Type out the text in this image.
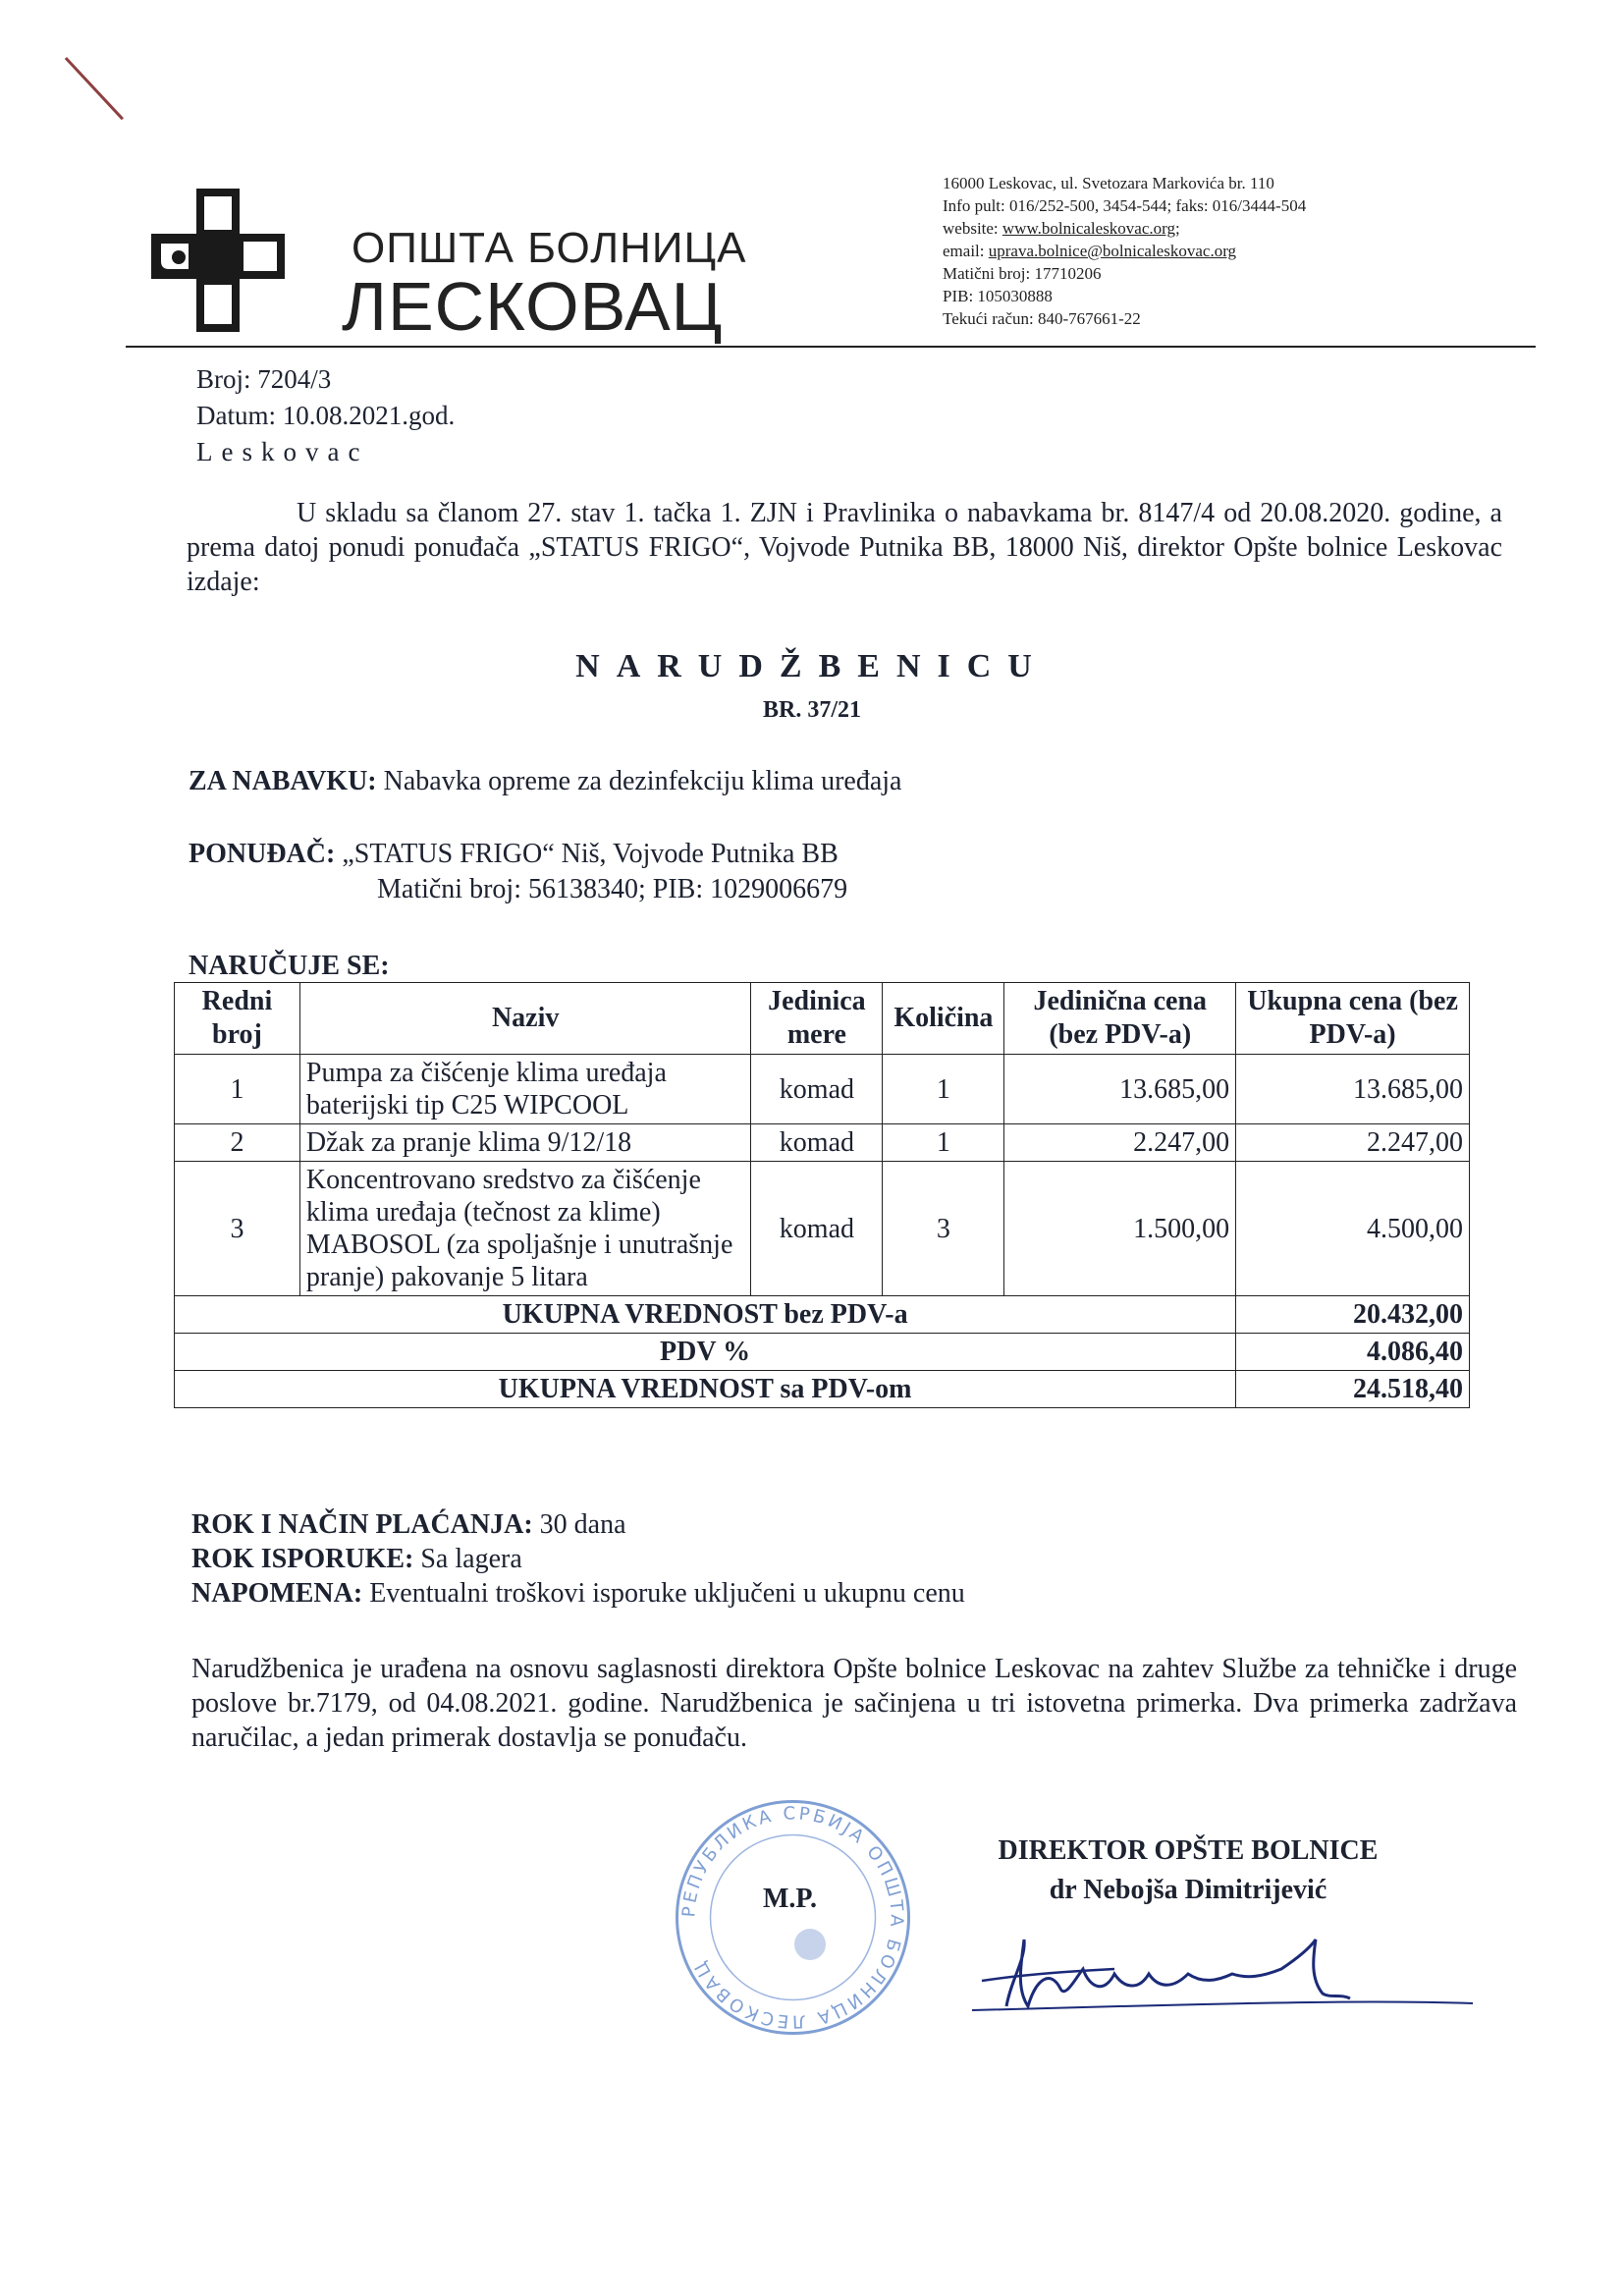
ОПШТА БОЛНИЦА
ЛЕСКОВАЦ
16000 Leskovac, ul. Svetozara Markovića br. 110
Info pult: 016/252-500, 3454-544; faks: 016/3444-504
website: www.bolnicaleskovac.org;
email: uprava.bolnice@bolnicaleskovac.org
Matični broj: 17710206
PIB: 105030888
Tekući račun: 840-767661-22
Broj: 7204/3
Datum: 10.08.2021.god.
Leskovac
U skladu sa članom 27. stav 1. tačka 1. ZJN i Pravlinika o nabavkama br. 8147/4 od 20.08.2020. godine, a prema datoj ponudi ponuđača „STATUS FRIGO“, Vojvode Putnika BB, 18000 Niš, direktor Opšte bolnice Leskovac izdaje:
NARUDŽBENICU
BR. 37/21
ZA NABAVKU: Nabavka opreme za dezinfekciju klima uređaja
PONUĐAČ: „STATUS FRIGO“ Niš, Vojvode Putnika BB
Matični broj: 56138340; PIB: 1029006679
NARUČUJE SE:
Redni broj	Naziv	Jedinica mere	Količina	Jedinična cena (bez PDV-a)	Ukupna cena (bez PDV-a)
1	Pumpa za čišćenje klima uređaja baterijski tip C25 WIPCOOL	komad	1	13.685,00	13.685,00
2	Džak za pranje klima 9/12/18	komad	1	2.247,00	2.247,00
3	Koncentrovano sredstvo za čišćenje klima uređaja (tečnost za klime) MABOSOL (za spoljašnje i unutrašnje pranje) pakovanje 5 litara	komad	3	1.500,00	4.500,00
UKUPNA VREDNOST bez PDV-a					20.432,00
PDV %					4.086,40
UKUPNA VREDNOST sa PDV-om					24.518,40
ROK I NAČIN PLAĆANJA: 30 dana
ROK ISPORUKE: Sa lagera
NAPOMENA: Eventualni troškovi isporuke uključeni u ukupnu cenu
Narudžbenica je urađena na osnovu saglasnosti direktora Opšte bolnice Leskovac na zahtev Službe za tehničke i druge poslove br.7179, od 04.08.2021. godine. Narudžbenica je sačinjena u tri istovetna primerka. Dva primerka zadržava naručilac, a jedan primerak dostavlja se ponuđaču.
РЕПУБЛИКА СРБИЈА ОПШТА БОЛНИЦА ЛЕСКОВАЦ
M.P.
DIREKTOR OPŠTE BOLNICE
dr Nebojša Dimitrijević
